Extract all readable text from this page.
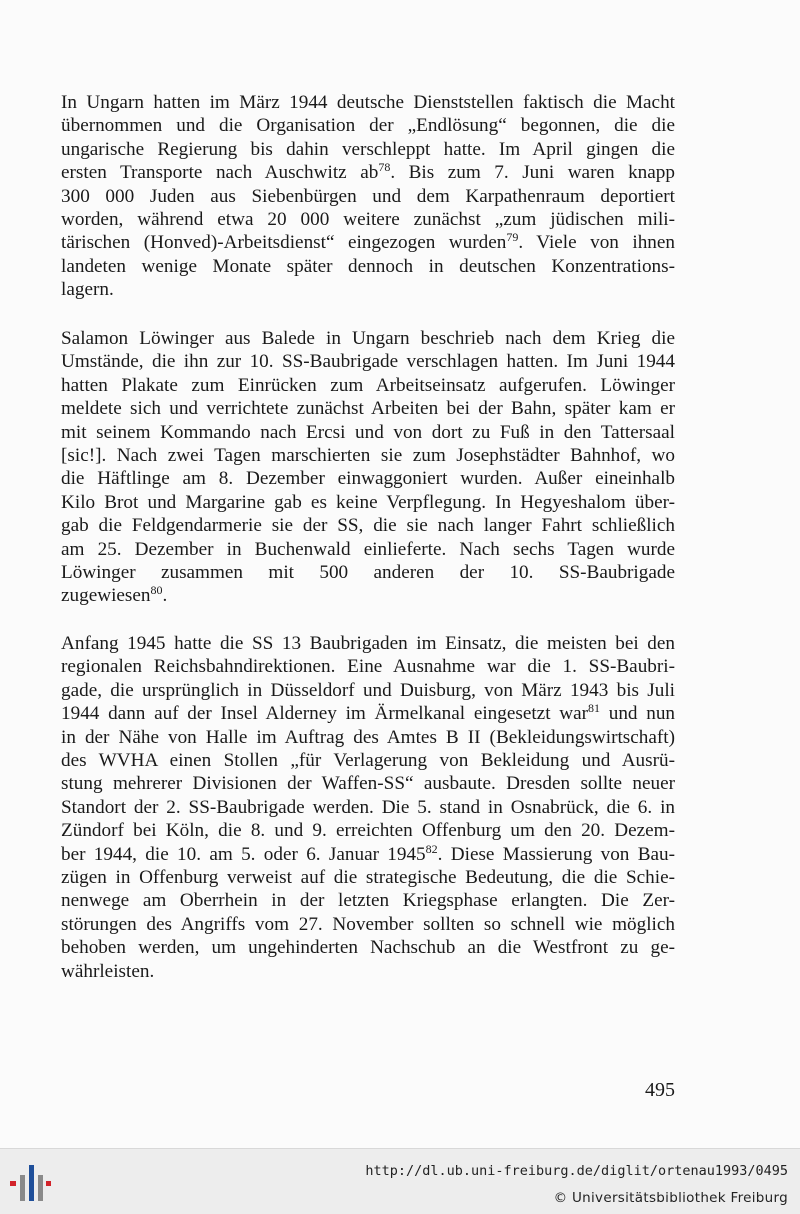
In Ungarn hatten im März 1944 deutsche Dienststellen faktisch die Macht
übernommen und die Organisation der „Endlösung“ begonnen, die die
ungarische Regierung bis dahin verschleppt hatte. Im April gingen die
ersten Transporte nach Auschwitz $ab^{78}$. Bis zum 7. Juni waren knapp
300 000 Juden aus Siebenbürgen und dem Karpathenraum deportiert
worden, während etwa 20 000 weitere zunächst „zum jüdischen mili-
tärischen (Honved)-Arbeitsdienst“ eingezogen wurden$^{79}$. Viele von ihnen
landeten wenige Monate später dennoch in deutschen Konzentrations-
lagern.
Salamon Löwinger aus Balede in Ungarn beschrieb nach dem Krieg die
Umstände, die ihn zur 10. SS-Baubrigade verschlagen hatten. Im Juni 1944
hatten Plakate zum Einrücken zum Arbeitseinsatz aufgerufen. Löwinger
meldete sich und verrichtete zunächst Arbeiten bei der Bahn, später kam er
mit seinem Kommando nach Ercsi und von dort zu Fuß in den Tattersaal
[sic!]. Nach zwei Tagen marschierten sie zum Josephstädter Bahnhof, wo
die Häftlinge am 8. Dezember einwaggoniert wurden. Außer eineinhalb
Kilo Brot und Margarine gab es keine Verpflegung. In Hegyeshalom über-
gab die Feldgendarmerie sie der SS, die sie nach langer Fahrt schließlich
am 25. Dezember in Buchenwald einlieferte. Nach sechs Tagen wurde
Löwinger zusammen mit 500 anderen der 10. SS-Baubrigade
zugewiesen$^{80}$.
Anfang 1945 hatte die SS 13 Baubrigaden im Einsatz, die meisten bei den
regionalen Reichsbahndirektionen. Eine Ausnahme war die 1. SS-Baubri-
gade, die ursprünglich in Düsseldorf und Duisburg, von März 1943 bis Juli
1944 dann auf der Insel Alderney im Ärmelkanal eingesetzt war$^{81}$ und nun
in der Nähe von Halle im Auftrag des Amtes B II (Bekleidungswirtschaft)
des WVHA einen Stollen „für Verlagerung von Bekleidung und Ausrü-
stung mehrerer Divisionen der Waffen-SS“ ausbaute. Dresden sollte neuer
Standort der 2. SS-Baubrigade werden. Die 5. stand in Osnabrück, die 6. in
Zündorf bei Köln, die 8. und 9. erreichten Offenburg um den 20. Dezem-
ber 1944, die 10. am 5. oder 6. Januar 1945$^{82}$. Diese Massierung von Bau-
zügen in Offenburg verweist auf die strategische Bedeutung, die die Schie-
nenwege am Oberrhein in der letzten Kriegsphase erlangten. Die Zer-
störungen des Angriffs vom 27. November sollten so schnell wie möglich
behoben werden, um ungehinderten Nachschub an die Westfront zu ge-
währleisten.
495
http://dl.ub.uni-freiburg.de/diglit/ortenau1993/0495
© Universitätsbibliothek Freiburg
